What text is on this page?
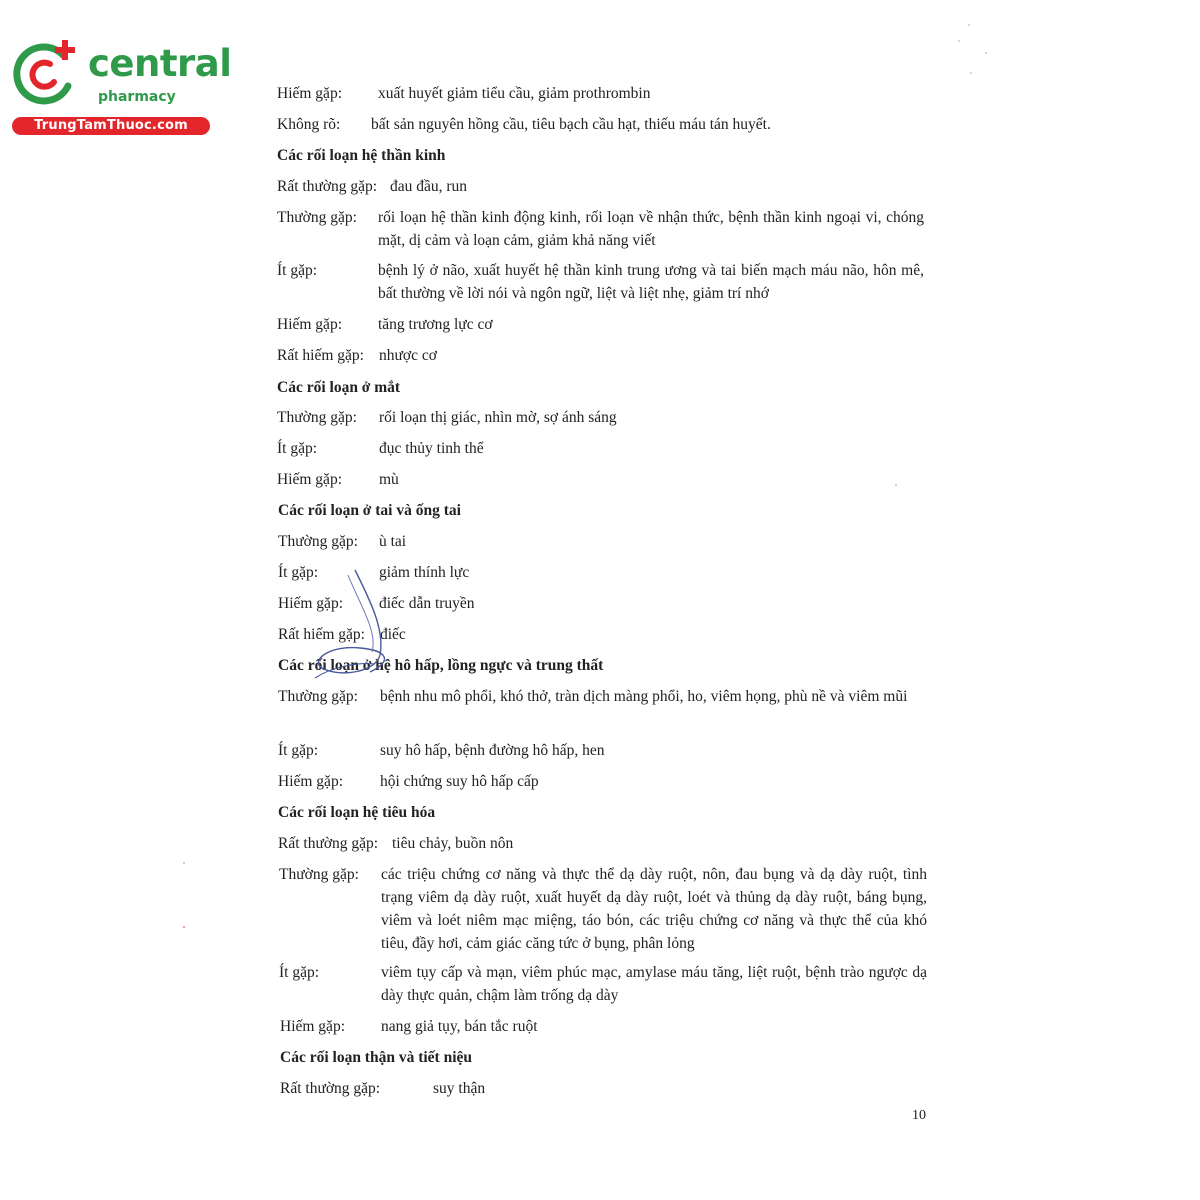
central
pharmacy
TrungTamThuoc.com
Hiếm gặp: xuất huyết giảm tiểu cầu, giảm prothrombin
Không rõ: bất sản nguyên hồng cầu, tiêu bạch cầu hạt, thiếu máu tán huyết.
Các rối loạn hệ thần kinh
Rất thường gặp: đau đầu, run
Thường gặp: rối loạn hệ thần kinh động kinh, rối loạn về nhận thức, bệnh thần kinh ngoại vi, chóng mặt, dị cảm và loạn cảm, giảm khả năng viết
Ít gặp:	bệnh lý ở não, xuất huyết hệ thần kinh trung ương và tai biến mạch máu não, hôn mê, bất thường về lời nói và ngôn ngữ, liệt và liệt nhẹ, giảm trí nhớ
Hiếm gặp: tăng trương lực cơ
Rất hiếm gặp: nhược cơ
Các rối loạn ở mắt
Thường gặp: rối loạn thị giác, nhìn mờ, sợ ánh sáng
Ít gặp:	đục thủy tinh thể
Hiếm gặp: mù
Các rối loạn ở tai và ống tai
Thường gặp: ù tai
Ít gặp:	giảm thính lực
Hiếm gặp: điếc dẫn truyền
Rất hiếm gặp: điếc
Các rối loạn ở hệ hô hấp, lồng ngực và trung thất
Thường gặp: bệnh nhu mô phổi, khó thở, tràn dịch màng phổi, ho, viêm họng, phù nề và viêm mũi
Ít gặp:	suy hô hấp, bệnh đường hô hấp, hen
Hiếm gặp: hội chứng suy hô hấp cấp
Các rối loạn hệ tiêu hóa
Rất thường gặp: tiêu chảy, buồn nôn
Thường gặp: các triệu chứng cơ năng và thực thể dạ dày ruột, nôn, đau bụng và dạ dày ruột, tình trạng viêm dạ dày ruột, xuất huyết dạ dày ruột, loét và thủng dạ dày ruột, báng bụng, viêm và loét niêm mạc miệng, táo bón, các triệu chứng cơ năng và thực thể của khó tiêu, đầy hơi, cảm giác căng tức ở bụng, phân lỏng
Ít gặp:	viêm tụy cấp và mạn, viêm phúc mạc, amylase máu tăng, liệt ruột, bệnh trào ngược dạ dày thực quản, chậm làm trống dạ dày
Hiếm gặp: nang giả tụy, bán tắc ruột
Các rối loạn thận và tiết niệu
Rất thường gặp:	suy thận
10
